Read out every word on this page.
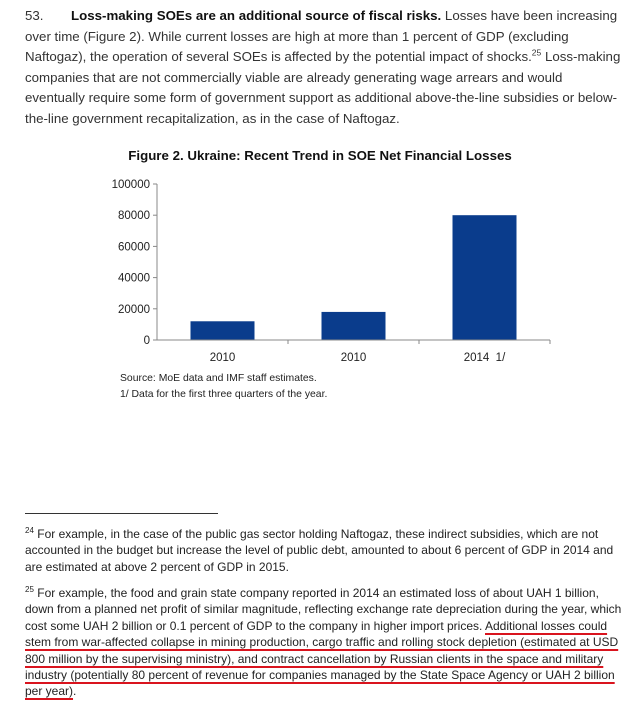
53. Loss-making SOEs are an additional source of fiscal risks. Losses have been increasing over time (Figure 2). While current losses are high at more than 1 percent of GDP (excluding Naftogaz), the operation of several SOEs is affected by the potential impact of shocks.$^{25}$ Loss-making companies that are not commercially viable are already generating wage arrears and would eventually require some form of government support as additional above-the-line subsidies or below-the-line government recapitalization, as in the case of Naftogaz.
Figure 2. Ukraine: Recent Trend in SOE Net Financial Losses
0
20000
40000
60000
80000
100000
2010	2010	2014  1/
Source: MoE data and IMF staff estimates.
1/ Data for the first three quarters of the year.
$^{24}$ For example, in the case of the public gas sector holding Naftogaz, these indirect subsidies, which are not accounted in the budget but increase the level of public debt, amounted to about 6 percent of GDP in 2014 and are estimated at above 2 percent of GDP in 2015.
$^{25}$ For example, the food and grain state company reported in 2014 an estimated loss of about UAH 1 billion, down from a planned net profit of similar magnitude, reflecting exchange rate depreciation during the year, which cost some UAH 2 billion or 0.1 percent of GDP to the company in higher import prices. Additional losses could stem from war-affected collapse in mining production, cargo traffic and rolling stock depletion (estimated at USD 800 million by the supervising ministry), and contract cancellation by Russian clients in the space and military industry (potentially 80 percent of revenue for companies managed by the State Space Agency or UAH 2 billion per year).
